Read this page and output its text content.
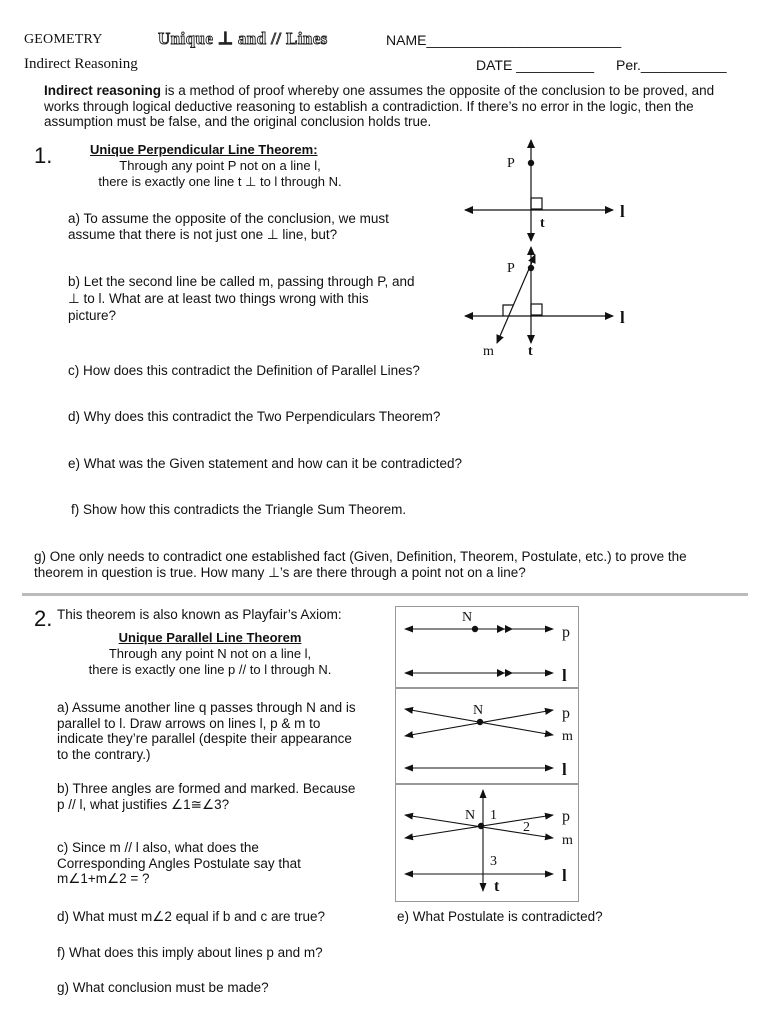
GEOMETRY	Unique ⊥ and // Lines	NAME_________________________
Indirect Reasoning	DATE __________ Per.___________
Indirect reasoning is a method of proof whereby one assumes the opposite of the conclusion to be proved, and works through logical deductive reasoning to establish a contradiction. If there’s no error in the logic, then the assumption must be false, and the original conclusion holds true.
1.	Unique Perpendicular Line Theorem:
Through any point P not on a line l,
there is exactly one line t ⊥ to l through N.
a) To assume the opposite of the conclusion, we must assume that there is not just one ⊥ line, but?
b) Let the second line be called m, passing through P, and ⊥ to l. What are at least two things wrong with this picture?
c) How does this contradict the Definition of Parallel Lines?
d) Why does this contradict the Two Perpendiculars Theorem?
e) What was the Given statement and how can it be contradicted?
f) Show how this contradicts the Triangle Sum Theorem.
g) One only needs to contradict one established fact (Given, Definition, Theorem, Postulate, etc.) to prove the theorem in question is true. How many ⊥’s are there through a point not on a line?
P
t
l
P
l
m t
2. This theorem is also known as Playfair’s Axiom:
Unique Parallel Line Theorem
Through any point N not on a line l,
there is exactly one line p // to l through N.
a) Assume another line q passes through N and is parallel to l. Draw arrows on lines l, p & m to indicate they’re parallel (despite their appearance to the contrary.)
b) Three angles are formed and marked. Because p // l, what justifies ∠1≅∠3?
c) Since m // l also, what does the Corresponding Angles Postulate say that m∠1+m∠2 = ?
d) What must m∠2 equal if b and c are true?	e) What Postulate is contradicted?
f) What does this imply about lines p and m?
g) What conclusion must be made?
N
p
l
N	p
m
l
N 1
2
3
p
m
l
t
